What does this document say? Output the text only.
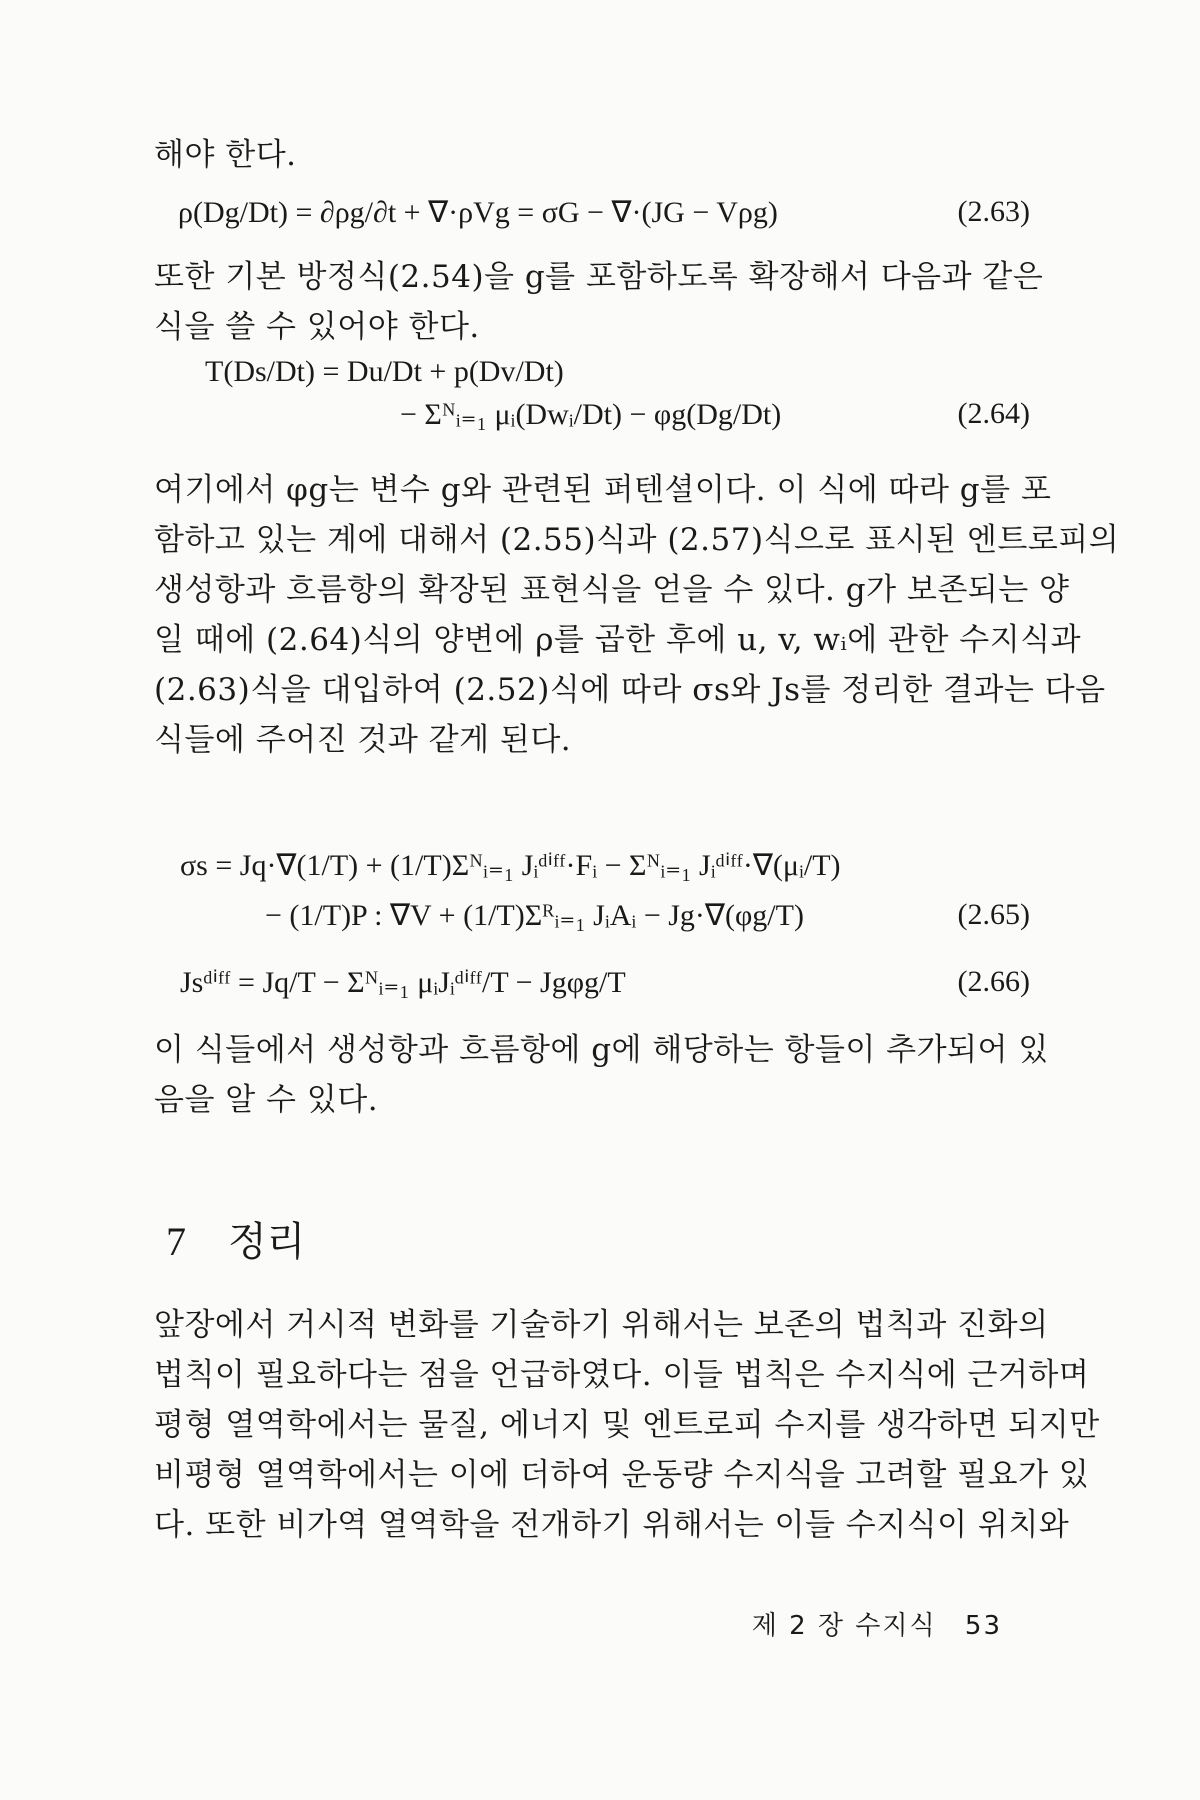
해야 한다.
ρ(Dg/Dt) = ∂ρg/∂t + ∇·ρVg = σG − ∇·(JG − Vρg)	(2.63)
또한 기본 방정식(2.54)을 g를 포함하도록 확장해서 다음과 같은
식을 쓸 수 있어야 한다.
T(Ds/Dt) = Du/Dt + p(Dv/Dt)
− Σᴺᵢ₌₁ μᵢ(Dwᵢ/Dt) − φg(Dg/Dt)	(2.64)
여기에서 φg는 변수 g와 관련된 퍼텐셜이다. 이 식에 따라 g를 포
함하고 있는 계에 대해서 (2.55)식과 (2.57)식으로 표시된 엔트로피의
생성항과 흐름항의 확장된 표현식을 얻을 수 있다. g가 보존되는 양
일 때에 (2.64)식의 양변에 ρ를 곱한 후에 u, v, wᵢ에 관한 수지식과
(2.63)식을 대입하여 (2.52)식에 따라 σs와 Js를 정리한 결과는 다음
식들에 주어진 것과 같게 된다.
σs = Jq·∇(1/T) + (1/T)Σᴺᵢ₌₁ Jᵢᵈⁱᶠᶠ·Fᵢ − Σᴺᵢ₌₁ Jᵢᵈⁱᶠᶠ·∇(μᵢ/T)
− (1/T)P : ∇V + (1/T)Σᴿᵢ₌₁ JᵢAᵢ − Jg·∇(φg/T)	(2.65)
Jsᵈⁱᶠᶠ = Jq/T − Σᴺᵢ₌₁ μᵢJᵢᵈⁱᶠᶠ/T − Jgφg/T	(2.66)
이 식들에서 생성항과 흐름항에 g에 해당하는 항들이 추가되어 있
음을 알 수 있다.
7 정리
앞장에서 거시적 변화를 기술하기 위해서는 보존의 법칙과 진화의
법칙이 필요하다는 점을 언급하였다. 이들 법칙은 수지식에 근거하며
평형 열역학에서는 물질, 에너지 및 엔트로피 수지를 생각하면 되지만
비평형 열역학에서는 이에 더하여 운동량 수지식을 고려할 필요가 있
다. 또한 비가역 열역학을 전개하기 위해서는 이들 수지식이 위치와
제 2 장 수지식 53
